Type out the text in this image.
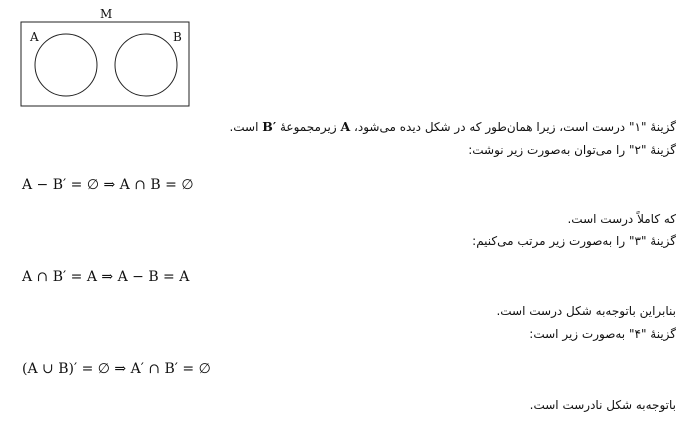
M
A	B
گزینهٔ "۱" درست است، زیرا همان‌طور که در شکل دیده می‌شود، A زیرمجموعهٔ B′ است.
گزینهٔ "۲" را می‌توان به‌صورت زیر نوشت:
A − B′ = ∅ ⇒ A ∩ B = ∅
که کاملاً درست است.
گزینهٔ "۳" را به‌صورت زیر مرتب می‌کنیم:
A ∩ B′ = A ⇒ A − B = A
بنابراین باتوجه‌به شکل درست است.
گزینهٔ "۴" به‌صورت زیر است:
(A ∪ B)′ = ∅ ⇒ A′ ∩ B′ = ∅
باتوجه‌به شکل نادرست است.
